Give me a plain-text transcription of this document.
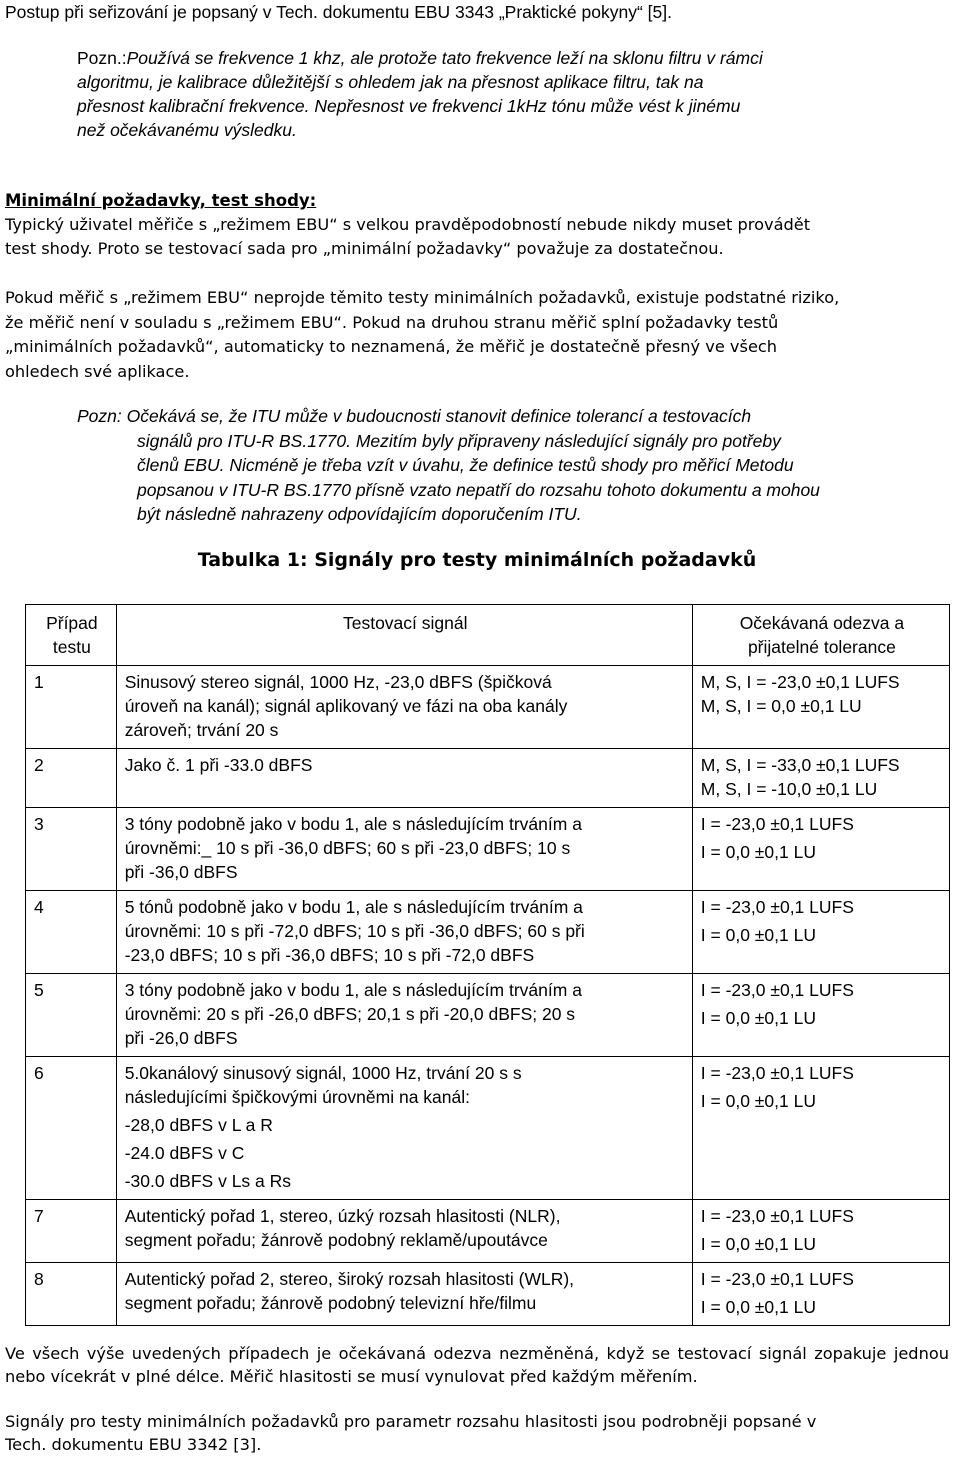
Postup při seřizování je popsaný v Tech. dokumentu EBU 3343 „Praktické pokyny“ [5].

Pozn.:Používá se frekvence 1 khz, ale protože tato frekvence leží na sklonu filtru v rámci
algoritmu, je kalibrace důležitější s ohledem jak na přesnost aplikace filtru, tak na
přesnost kalibrační frekvence. Nepřesnost ve frekvenci 1kHz tónu může vést k jinému
než očekávanému výsledku.
Minimální požadavky, test shody:
Typický uživatel měřiče s „režimem EBU“ s velkou pravděpodobností nebude nikdy muset provádět
test shody. Proto se testovací sada pro „minimální požadavky“ považuje za dostatečnou.
Pokud měřič s „režimem EBU“ neprojde těmito testy minimálních požadavků, existuje podstatné riziko,
že měřič není v souladu s „režimem EBU“. Pokud na druhou stranu měřič splní požadavky testů
„minimálních požadavků“, automaticky to neznamená, že měřič je dostatečně přesný ve všech
ohledech své aplikace.
Pozn: Očekává se, že ITU může v budoucnosti stanovit definice tolerancí a testovacích
signálů pro ITU-R BS.1770. Mezitím byly připraveny následující signály pro potřeby
členů EBU. Nicméně je třeba vzít v úvahu, že definice testů shody pro měřicí Metodu
popsanou v ITU-R BS.1770 přísně vzato nepatří do rozsahu tohoto dokumentu a mohou
být následně nahrazeny odpovídajícím doporučením ITU.
Tabulka 1: Signály pro testy minimálních požadavků
Případ
testu	Testovací signál	Očekávaná odezva a
přijatelné tolerance

1	Sinusový stereo signál, 1000 Hz, -23,0 dBFS (špičková
úroveň na kanál); signál aplikovaný ve fázi na oba kanály
zároveň; trvání 20 s	M, S, I = -23,0 ±0,1 LUFS
M, S, I = 0,0 ±0,1 LU

2	Jako č. 1 při -33.0 dBFS	M, S, I = -33,0 ±0,1 LUFS
M, S, I = -10,0 ±0,1 LU

3	3 tóny podobně jako v bodu 1, ale s následujícím trváním a
úrovněmi:_ 10 s při -36,0 dBFS; 60 s při -23,0 dBFS; 10 s
při -36,0 dBFS	I = -23,0 ±0,1 LUFS
I = 0,0 ±0,1 LU

4	5 tónů podobně jako v bodu 1, ale s následujícím trváním a
úrovněmi: 10 s při -72,0 dBFS; 10 s při -36,0 dBFS; 60 s při
-23,0 dBFS; 10 s při -36,0 dBFS; 10 s při -72,0 dBFS	I = -23,0 ±0,1 LUFS
I = 0,0 ±0,1 LU

5	3 tóny podobně jako v bodu 1, ale s následujícím trváním a
úrovněmi: 20 s při -26,0 dBFS; 20,1 s při -20,0 dBFS; 20 s
při -26,0 dBFS	I = -23,0 ±0,1 LUFS
I = 0,0 ±0,1 LU

6	5.0kanálový sinusový signál, 1000 Hz, trvání 20 s s
následujícími špičkovými úrovněmi na kanál:
-28,0 dBFS v L a R
-24.0 dBFS v C
-30.0 dBFS v Ls a Rs	I = -23,0 ±0,1 LUFS
I = 0,0 ±0,1 LU

7	Autentický pořad 1, stereo, úzký rozsah hlasitosti (NLR),
segment pořadu; žánrově podobný reklamě/upoutávce	I = -23,0 ±0,1 LUFS
I = 0,0 ±0,1 LU

8	Autentický pořad 2, stereo, široký rozsah hlasitosti (WLR),
segment pořadu; žánrově podobný televizní hře/filmu	I = -23,0 ±0,1 LUFS
I = 0,0 ±0,1 LU
Ve všech výše uvedených případech je očekávaná odezva nezměněná, když se testovací signál zopakuje jednou nebo vícekrát v plné délce. Měřič hlasitosti se musí vynulovat před každým měřením.
Signály pro testy minimálních požadavků pro parametr rozsahu hlasitosti jsou podrobněji popsané v
Tech. dokumentu EBU 3342 [3].
